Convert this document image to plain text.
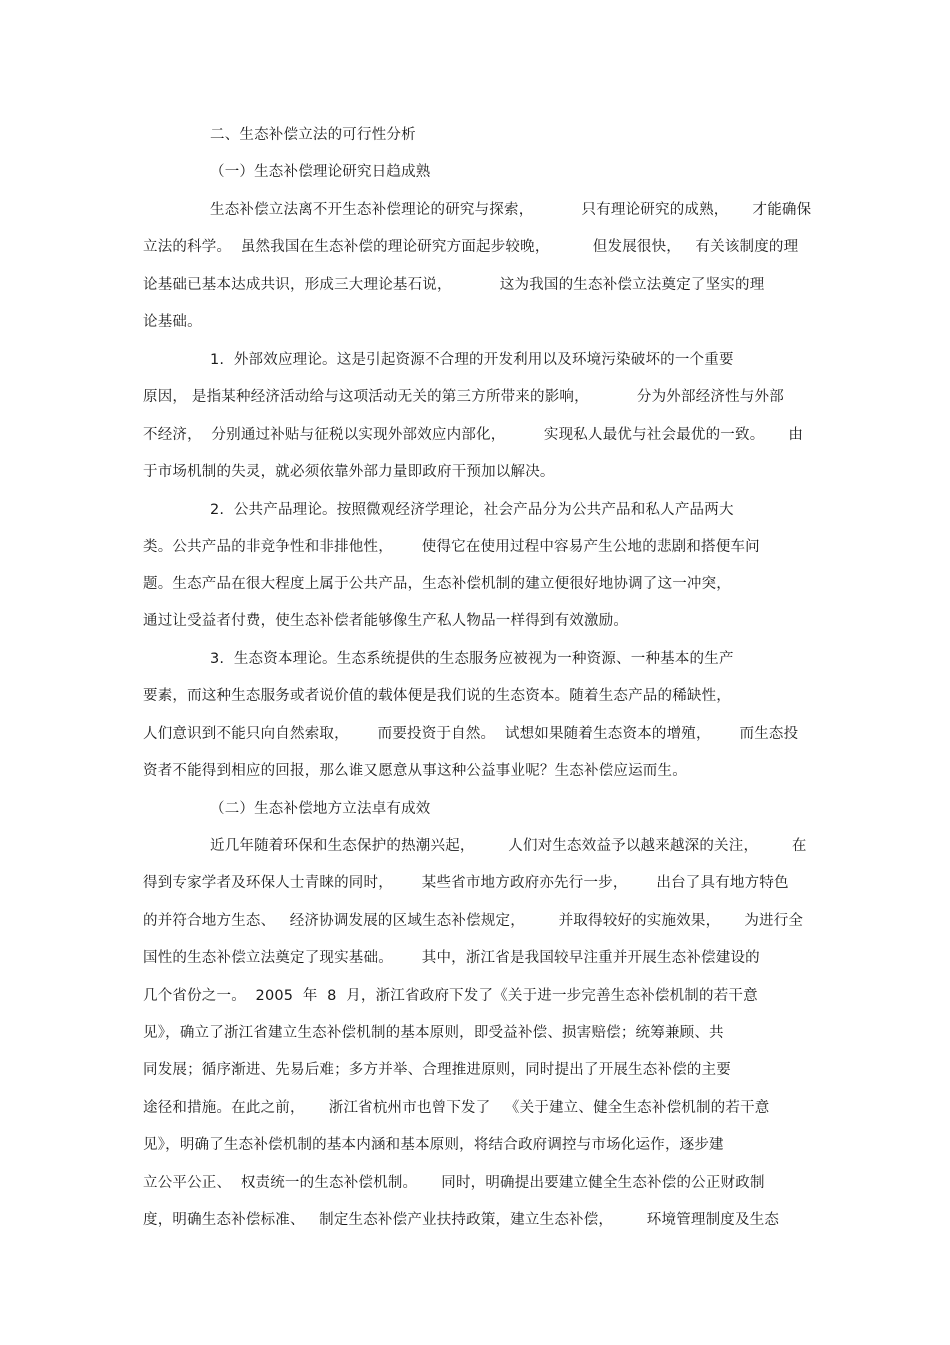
二、生态补偿立法的可行性分析
（一）生态补偿理论研究日趋成熟
生态补偿立法离不开生态补偿理论的研究与探索，          只有理论研究的成熟，     才能确保
立法的科学。  虽然我国在生态补偿的理论研究方面起步较晚，         但发展很快，   有关该制度的理
论基础已基本达成共识，形成三大理论基石说，          这为我国的生态补偿立法奠定了坚实的理
论基础。
1.  外部效应理论。这是引起资源不合理的开发利用以及环境污染破坏的一个重要
原因， 是指某种经济活动给与这项活动无关的第三方所带来的影响，          分为外部经济性与外部
不经济，  分别通过补贴与征税以实现外部效应内部化，        实现私人最优与社会最优的一致。     由
于市场机制的失灵，就必须依靠外部力量即政府干预加以解决。
2.  公共产品理论。按照微观经济学理论，社会产品分为公共产品和私人产品两大
类。公共产品的非竞争性和非排他性，      使得它在使用过程中容易产生公地的悲剧和搭便车问
题。生态产品在很大程度上属于公共产品，生态补偿机制的建立便很好地协调了这一冲突，
通过让受益者付费，使生态补偿者能够像生产私人物品一样得到有效激励。
3.  生态资本理论。生态系统提供的生态服务应被视为一种资源、一种基本的生产
要素，而这种生态服务或者说价值的载体便是我们说的生态资本。随着生态产品的稀缺性，
人们意识到不能只向自然索取，      而要投资于自然。  试想如果随着生态资本的增殖，      而生态投
资者不能得到相应的回报，那么谁又愿意从事这种公益事业呢？生态补偿应运而生。
（二）生态补偿地方立法卓有成效
近几年随着环保和生态保护的热潮兴起，       人们对生态效益予以越来越深的关注，       在
得到专家学者及环保人士青睐的同时，      某些省市地方政府亦先行一步，      出台了具有地方特色
的并符合地方生态、   经济协调发展的区域生态补偿规定，       并取得较好的实施效果，     为进行全
国性的生态补偿立法奠定了现实基础。      其中，浙江省是我国较早注重并开展生态补偿建设的
几个省份之一。  2005  年  8  月，浙江省政府下发了《关于进一步完善生态补偿机制的若干意
见》，确立了浙江省建立生态补偿机制的基本原则，即受益补偿、损害赔偿；统筹兼顾、共
同发展；循序渐进、先易后难；多方并举、合理推进原则，同时提出了开展生态补偿的主要
途径和措施。在此之前，     浙江省杭州市也曾下发了   《关于建立、健全生态补偿机制的若干意
见》，明确了生态补偿机制的基本内涵和基本原则，将结合政府调控与市场化运作，逐步建
立公平公正、  权责统一的生态补偿机制。     同时，明确提出要建立健全生态补偿的公正财政制
度，明确生态补偿标准、   制定生态补偿产业扶持政策，建立生态补偿，       环境管理制度及生态
